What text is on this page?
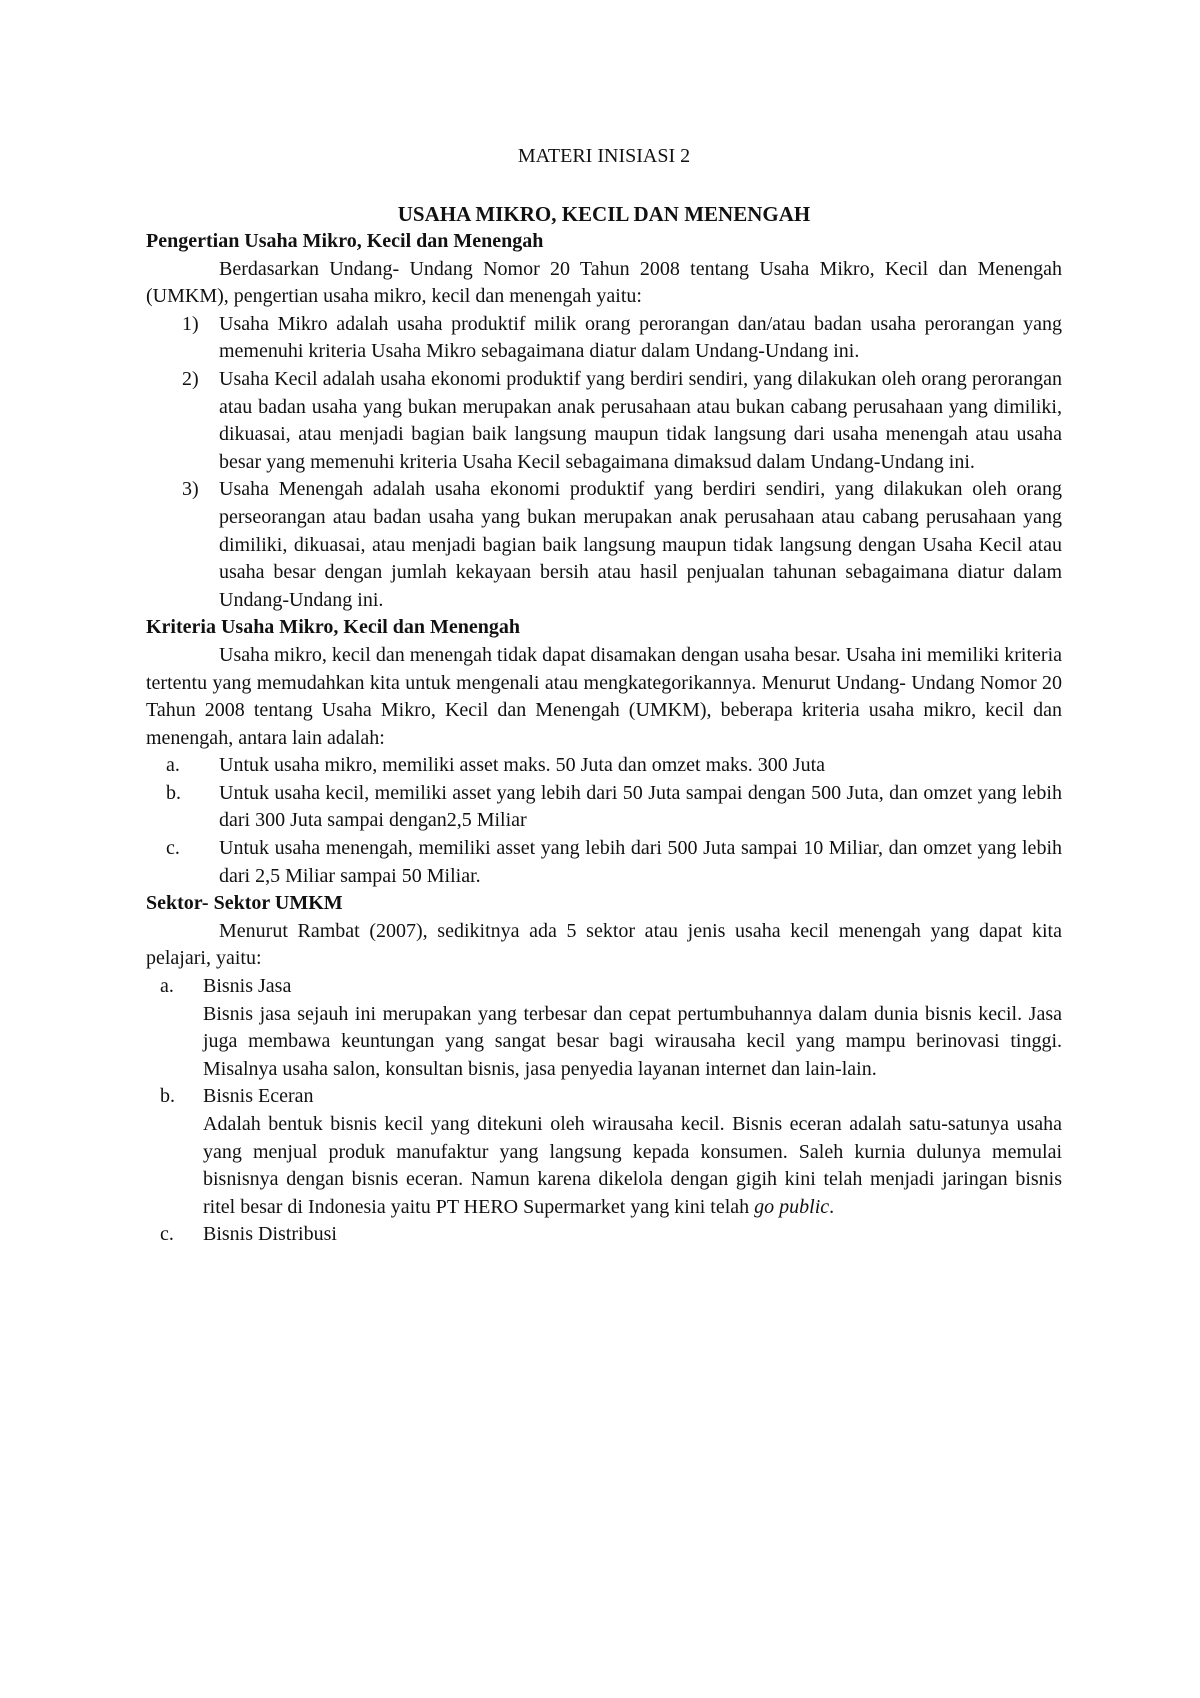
MATERI INISIASI 2
USAHA MIKRO, KECIL DAN MENENGAH
Pengertian Usaha Mikro, Kecil dan Menengah

Berdasarkan Undang- Undang Nomor 20 Tahun 2008 tentang Usaha Mikro, Kecil dan Menengah (UMKM), pengertian usaha mikro, kecil dan menengah yaitu:

1)	Usaha Mikro adalah usaha produktif milik orang perorangan dan/atau badan usaha perorangan yang memenuhi kriteria Usaha Mikro sebagaimana diatur dalam Undang-Undang ini.
2)	Usaha Kecil adalah usaha ekonomi produktif yang berdiri sendiri, yang dilakukan oleh orang perorangan atau badan usaha yang bukan merupakan anak perusahaan atau bukan cabang perusahaan yang dimiliki, dikuasai, atau menjadi bagian baik langsung maupun tidak langsung dari usaha menengah atau usaha besar yang memenuhi kriteria Usaha Kecil sebagaimana dimaksud dalam Undang-Undang ini.
3)	Usaha Menengah adalah usaha ekonomi produktif yang berdiri sendiri, yang dilakukan oleh orang perseorangan atau badan usaha yang bukan merupakan anak perusahaan atau cabang perusahaan yang dimiliki, dikuasai, atau menjadi bagian baik langsung maupun tidak langsung dengan Usaha Kecil atau usaha besar dengan jumlah kekayaan bersih atau hasil penjualan tahunan sebagaimana diatur dalam Undang-Undang ini.
Kriteria Usaha Mikro, Kecil dan Menengah

Usaha mikro, kecil dan menengah tidak dapat disamakan dengan usaha besar. Usaha ini memiliki kriteria tertentu yang memudahkan kita untuk mengenali atau mengkategorikannya. Menurut Undang- Undang Nomor 20 Tahun 2008 tentang Usaha Mikro, Kecil dan Menengah (UMKM), beberapa kriteria usaha mikro, kecil dan menengah, antara lain adalah:

a.	Untuk usaha mikro, memiliki asset maks. 50 Juta dan omzet maks. 300 Juta
b.	Untuk usaha kecil, memiliki asset yang lebih dari 50 Juta sampai dengan 500 Juta, dan omzet yang lebih dari 300 Juta sampai dengan2,5 Miliar
c.	Untuk usaha menengah, memiliki asset yang lebih dari 500 Juta sampai 10 Miliar, dan omzet yang lebih dari 2,5 Miliar sampai 50 Miliar.
Sektor- Sektor UMKM

Menurut Rambat (2007), sedikitnya ada 5 sektor atau jenis usaha kecil menengah yang dapat kita pelajari, yaitu:

a.	Bisnis Jasa
Bisnis jasa sejauh ini merupakan yang terbesar dan cepat pertumbuhannya dalam dunia bisnis kecil. Jasa juga membawa keuntungan yang sangat besar bagi wirausaha kecil yang mampu berinovasi tinggi. Misalnya usaha salon, konsultan bisnis, jasa penyedia layanan internet dan lain-lain.
b.	Bisnis Eceran
Adalah bentuk bisnis kecil yang ditekuni oleh wirausaha kecil. Bisnis eceran adalah satu-satunya usaha yang menjual produk manufaktur yang langsung kepada konsumen. Saleh kurnia dulunya memulai bisnisnya dengan bisnis eceran. Namun karena dikelola dengan gigih kini telah menjadi jaringan bisnis ritel besar di Indonesia yaitu PT HERO Supermarket yang kini telah go public.
c.	Bisnis Distribusi
